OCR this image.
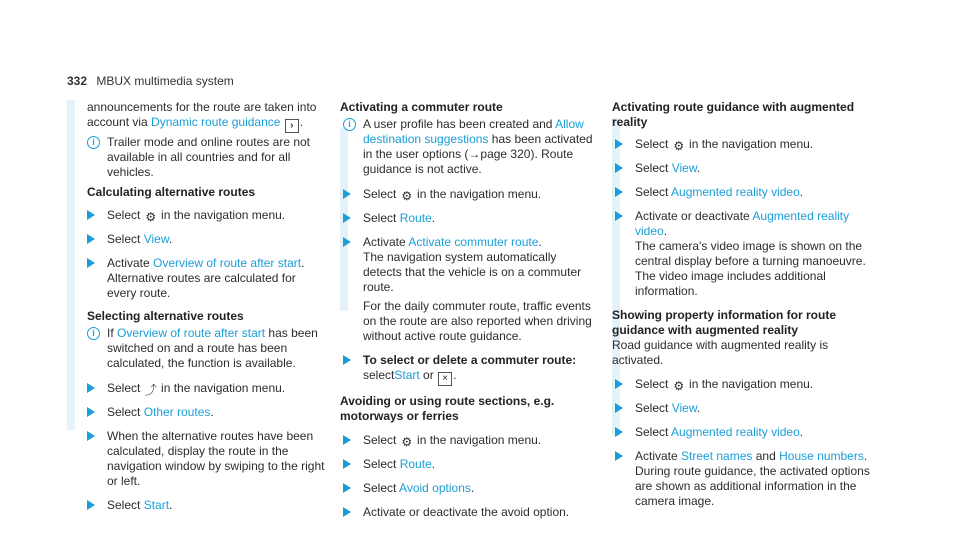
332 MBUX multimedia system

announcements for the route are taken into account via Dynamic route guidance › .

i	Trailer mode and online routes are not available in all countries and for all vehicles.
Calculating alternative routes
Select ⚙ in the navigation menu.
Select View.
Activate Overview of route after start.
Alternative routes are calculated for every route.
Selecting alternative routes
i	If Overview of route after start has been switched on and a route has been calculated, the function is available.
Select ⤴ in the navigation menu.
Select Other routes.
When the alternative routes have been calculated, display the route in the navigation window by swiping to the right or left.
Select Start.
Activating a commuter route
i	A user profile has been created and Allow destination suggestions has been activated in the user options (→page 320). Route guidance is not active.
Select ⚙ in the navigation menu.
Select Route.
Activate Activate commuter route.
The navigation system automatically detects that the vehicle is on a commuter route.

For the daily commuter route, traffic events on the route are also reported when driving without active route guidance.
To select or delete a commuter route:
selectStart or × .
Avoiding or using route sections, e.g. motorways or ferries
Select ⚙ in the navigation menu.
Select Route.
Select Avoid options.
Activate or deactivate the avoid option.
Activating route guidance with augmented reality
Select ⚙ in the navigation menu.
Select View.
Select Augmented reality video.
Activate or deactivate Augmented reality video.
The camera's video image is shown on the central display before a turning manoeuvre. The video image includes additional information.
Showing property information for route guidance with augmented reality

Road guidance with augmented reality is activated.

Select ⚙ in the navigation menu.
Select View.
Select Augmented reality video.
Activate Street names and House numbers.
During route guidance, the activated options are shown as additional information in the camera image.
